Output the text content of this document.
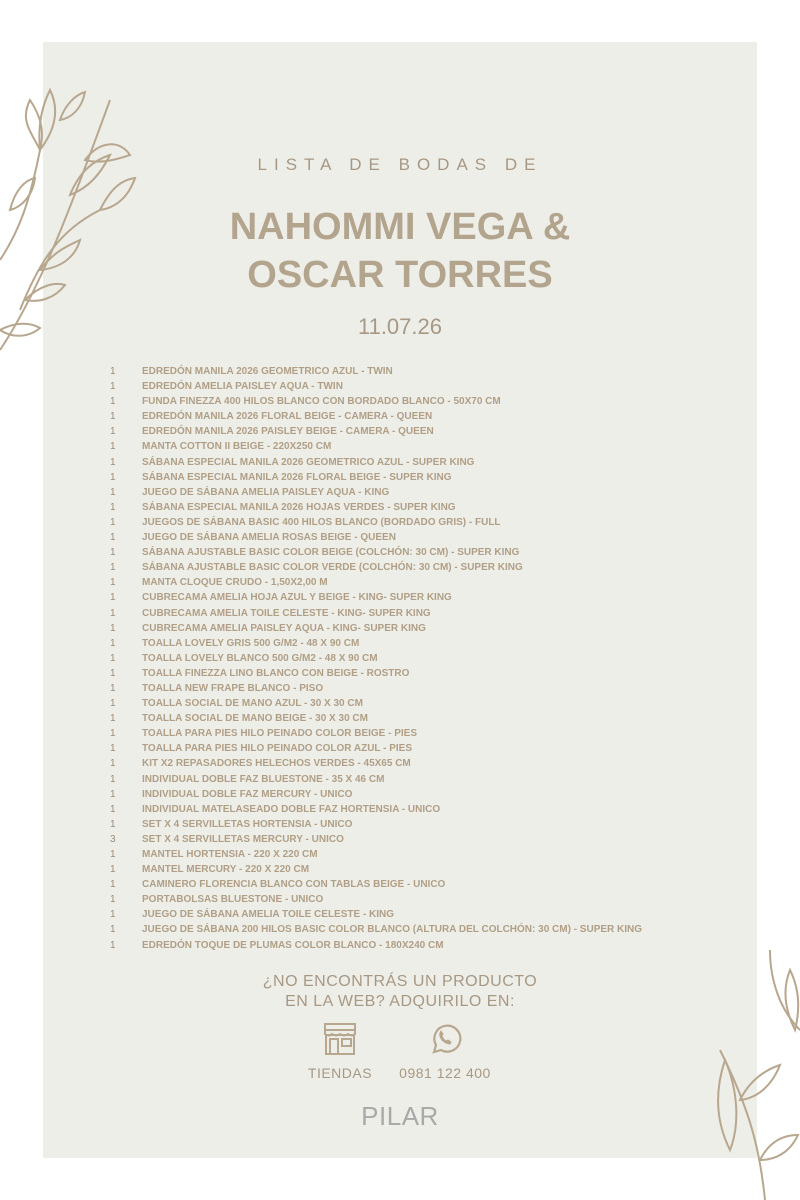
LISTA DE BODAS DE
NAHOMMI VEGA &
OSCAR TORRES
11.07.26
1	EDREDÓN MANILA 2026 GEOMETRICO AZUL - TWIN
1	EDREDÓN AMELIA PAISLEY AQUA - TWIN
1	FUNDA FINEZZA 400 HILOS BLANCO CON BORDADO BLANCO - 50X70 CM
1	EDREDÓN MANILA 2026 FLORAL BEIGE - CAMERA - QUEEN
1	EDREDÓN MANILA 2026 PAISLEY BEIGE - CAMERA - QUEEN
1	MANTA COTTON II BEIGE - 220X250 CM
1	SÁBANA ESPECIAL MANILA 2026 GEOMETRICO AZUL - SUPER KING
1	SÁBANA ESPECIAL MANILA 2026 FLORAL BEIGE - SUPER KING
1	JUEGO DE SÁBANA AMELIA PAISLEY AQUA - KING
1	SÁBANA ESPECIAL MANILA 2026 HOJAS VERDES - SUPER KING
1	JUEGOS DE SÁBANA BASIC 400 HILOS BLANCO (BORDADO GRIS) - FULL
1	JUEGO DE SÁBANA AMELIA ROSAS BEIGE - QUEEN
1	SÁBANA AJUSTABLE BASIC COLOR BEIGE (COLCHÓN: 30 CM) - SUPER KING
1	SÁBANA AJUSTABLE BASIC COLOR VERDE (COLCHÓN: 30 CM) - SUPER KING
1	MANTA CLOQUE CRUDO - 1,50X2,00 M
1	CUBRECAMA AMELIA HOJA AZUL Y BEIGE - KING- SUPER KING
1	CUBRECAMA AMELIA TOILE CELESTE - KING- SUPER KING
1	CUBRECAMA AMELIA PAISLEY AQUA - KING- SUPER KING
1	TOALLA LOVELY GRIS 500 G/M2 - 48 X 90 CM
1	TOALLA LOVELY BLANCO 500 G/M2 - 48 X 90 CM
1	TOALLA FINEZZA LINO BLANCO CON BEIGE - ROSTRO
1	TOALLA NEW FRAPE BLANCO - PISO
1	TOALLA SOCIAL DE MANO AZUL - 30 X 30 CM
1	TOALLA SOCIAL DE MANO BEIGE - 30 X 30 CM
1	TOALLA PARA PIES HILO PEINADO COLOR BEIGE - PIES
1	TOALLA PARA PIES HILO PEINADO COLOR AZUL - PIES
1	KIT X2 REPASADORES HELECHOS VERDES - 45X65 CM
1	INDIVIDUAL DOBLE FAZ BLUESTONE - 35 X 46 CM
1	INDIVIDUAL DOBLE FAZ MERCURY - UNICO
1	INDIVIDUAL MATELASEADO DOBLE FAZ HORTENSIA - UNICO
1	SET X 4 SERVILLETAS HORTENSIA - UNICO
3	SET X 4 SERVILLETAS MERCURY - UNICO
1	MANTEL HORTENSIA - 220 X 220 CM
1	MANTEL MERCURY - 220 X 220 CM
1	CAMINERO FLORENCIA BLANCO CON TABLAS BEIGE - UNICO
1	PORTABOLSAS BLUESTONE - UNICO
1	JUEGO DE SÁBANA AMELIA TOILE CELESTE - KING
1	JUEGO DE SÁBANA 200 HILOS BASIC COLOR BLANCO (ALTURA DEL COLCHÓN: 30 CM) - SUPER KING
1	EDREDÓN TOQUE DE PLUMAS COLOR BLANCO - 180X240 CM
¿NO ENCONTRÁS UN PRODUCTO
EN LA WEB? ADQUIRILO EN:
TIENDAS	0981 122 400
PILAR
